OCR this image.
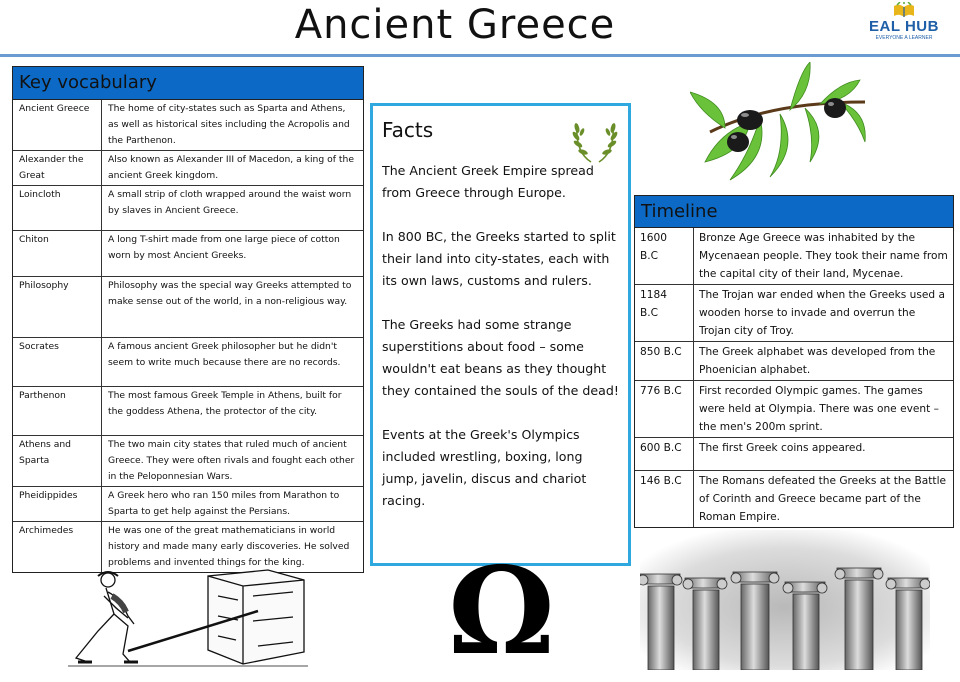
Ancient Greece	EAL HUB
EVERYONE A LEARNER
Key vocabulary
Ancient Greece	The home of city-states such as Sparta and Athens, as well as historical sites including the Acropolis and the Parthenon.
Alexander the Great	Also known as Alexander III of Macedon, a king of the ancient Greek kingdom.
Loincloth	A small strip of cloth wrapped around the waist worn by slaves in Ancient Greece.
Chiton	A long T-shirt made from one large piece of cotton worn by most Ancient Greeks.
Philosophy	Philosophy was the special way Greeks attempted to make sense out of the world, in a non-religious way.
Socrates	A famous ancient Greek philosopher but he didn't seem to write much because there are no records.
Parthenon	The most famous Greek Temple in Athens, built for the goddess Athena, the protector of the city.
Athens and Sparta	The two main city states that ruled much of ancient Greece. They were often rivals and fought each other in the Peloponnesian Wars.
Pheidippides	A Greek hero who ran 150 miles from Marathon to Sparta to get help against the Persians.
Archimedes	He was one of the great mathematicians in world history and made many early discoveries. He solved problems and invented things for the king.
Facts

The Ancient Greek Empire spread from Greece through Europe.

In 800 BC, the Greeks started to split their land into city-states, each with its own laws, customs and rulers.

The Greeks had some strange superstitions about food – some wouldn't eat beans as they thought they contained the souls of the dead!

Events at the Greek's Olympics included wrestling, boxing, long jump, javelin, discus and chariot racing.

Timeline
1600 B.C	Bronze Age Greece was inhabited by the Mycenaean people. They took their name from the capital city of their land, Mycenae.
1184 B.C	The Trojan war ended when the Greeks used a wooden horse to invade and overrun the Trojan city of Troy.
850 B.C	The Greek alphabet was developed from the Phoenician alphabet.
776 B.C	First recorded Olympic games. The games were held at Olympia. There was one event – the men's 200m sprint.
600 B.C	The first Greek coins appeared.
146 B.C	The Romans defeated the Greeks at the Battle of Corinth and Greece became part of the Roman Empire.
Ω
